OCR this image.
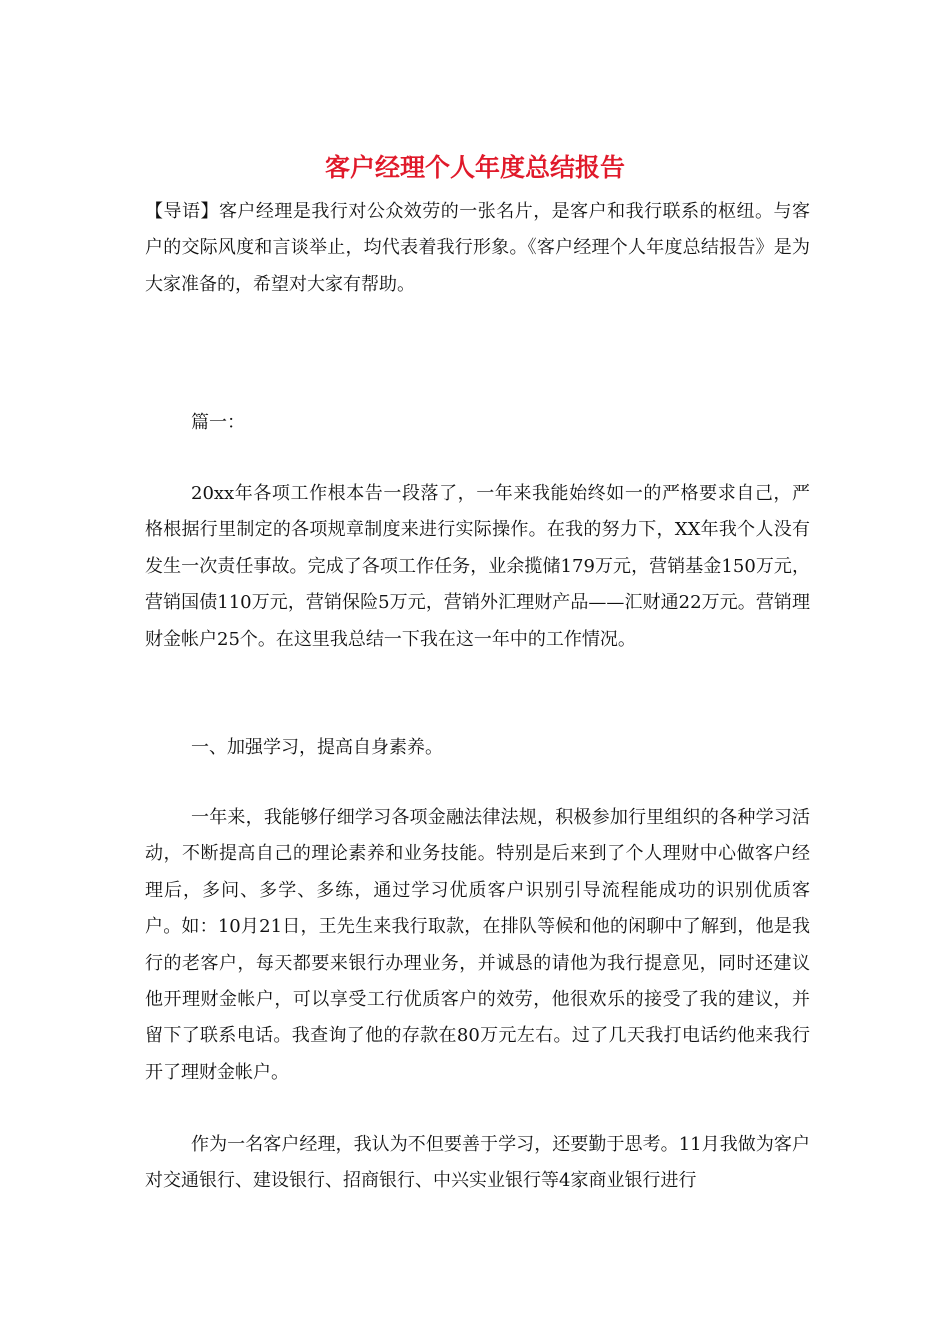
客户经理个人年度总结报告

【导语】客户经理是我行对公众效劳的一张名片，是客户和我行联系的枢纽。与客户的交际风度和言谈举止，均代表着我行形象。《客户经理个人年度总结报告》是为大家准备的，希望对大家有帮助。

篇一：

20xx年各项工作根本告一段落了，一年来我能始终如一的严格要求自己，严格根据行里制定的各项规章制度来进行实际操作。在我的努力下，XX年我个人没有发生一次责任事故。完成了各项工作任务，业余揽储179万元，营销基金150万元，营销国债110万元，营销保险5万元，营销外汇理财产品——汇财通22万元。营销理财金帐户25个。在这里我总结一下我在这一年中的工作情况。

一、加强学习，提高自身素养。

一年来，我能够仔细学习各项金融法律法规，积极参加行里组织的各种学习活动，不断提高自己的理论素养和业务技能。特别是后来到了个人理财中心做客户经理后，多问、多学、多练，通过学习优质客户识别引导流程能成功的识别优质客户。如：10月21日，王先生来我行取款，在排队等候和他的闲聊中了解到，他是我行的老客户，每天都要来银行办理业务，并诚恳的请他为我行提意见，同时还建议他开理财金帐户，可以享受工行优质客户的效劳，他很欢乐的接受了我的建议，并留下了联系电话。我查询了他的存款在80万元左右。过了几天我打电话约他来我行开了理财金帐户。

作为一名客户经理，我认为不但要善于学习，还要勤于思考。11月我做为客户对交通银行、建设银行、招商银行、中兴实业银行等4家商业银行进行
